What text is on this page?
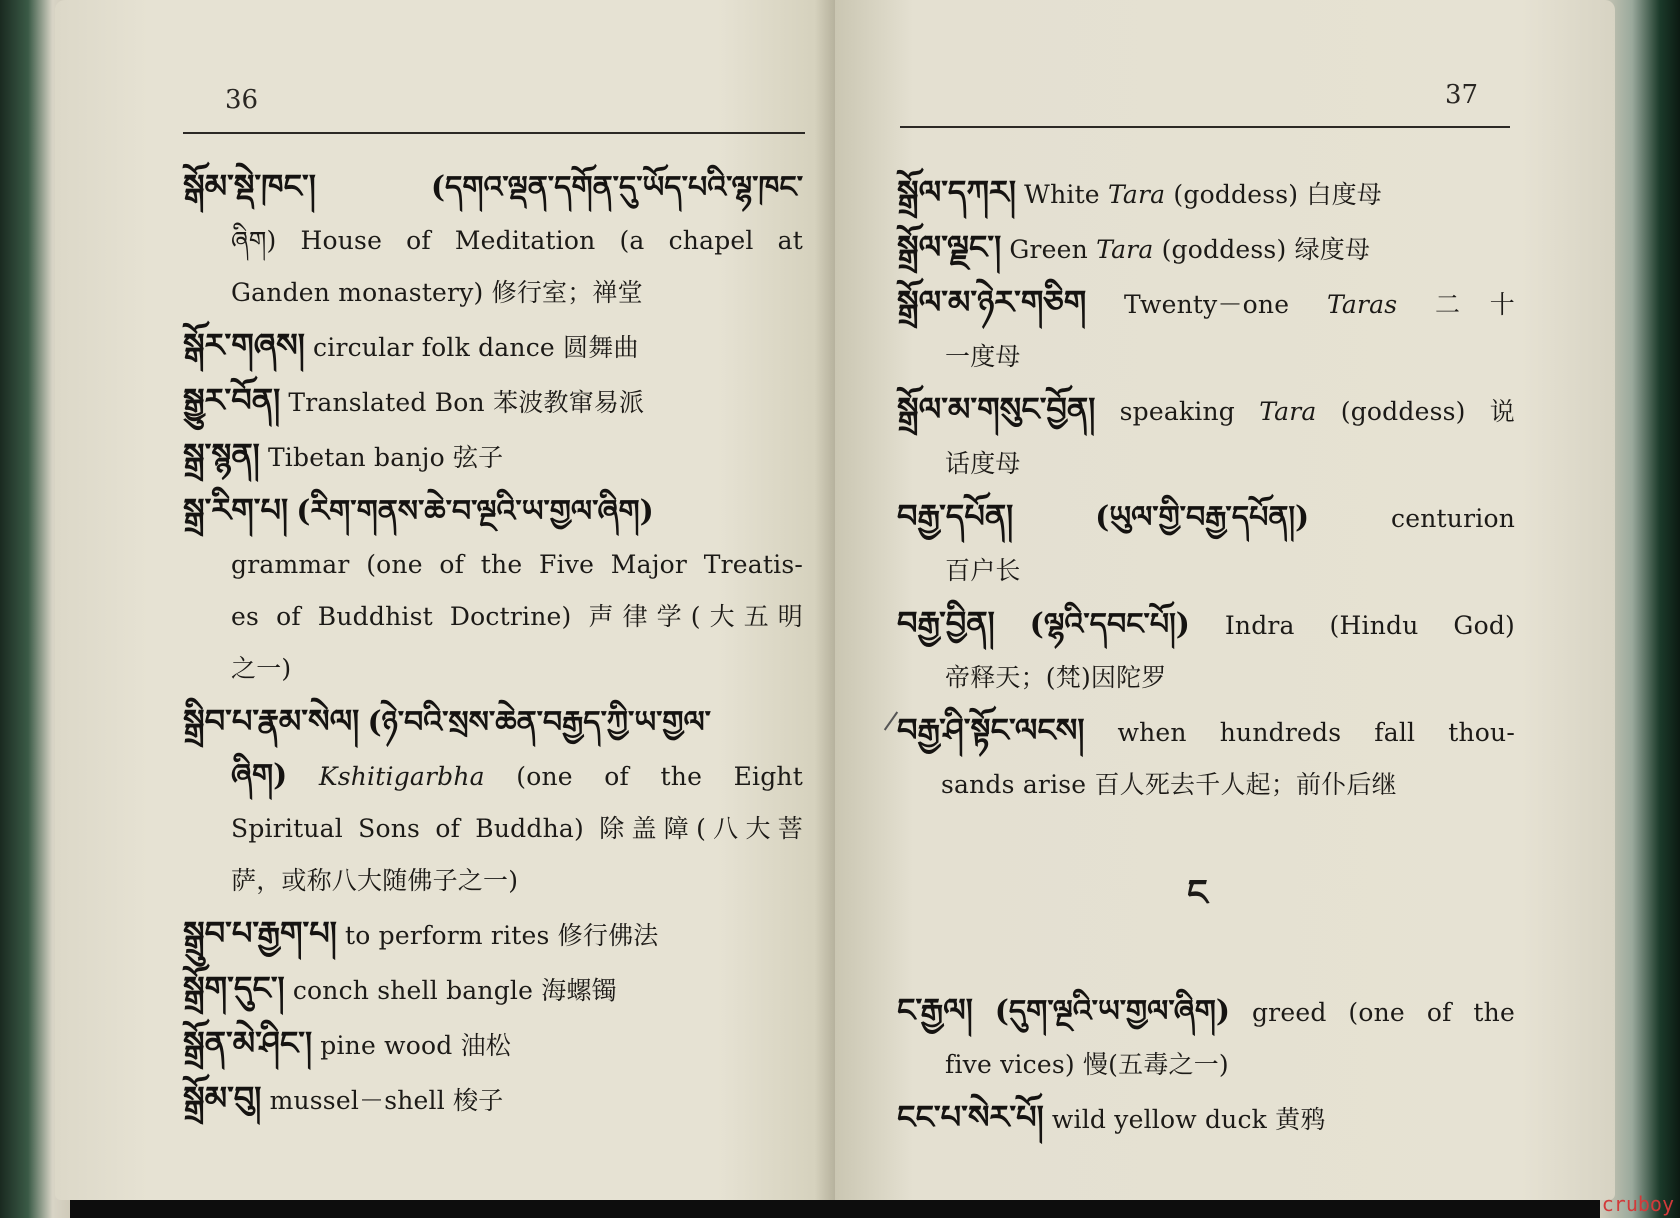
36
སྒོམ་སྡེ་ཁང་།	(དགའ་ལྡན་དགོན་དུ་ཡོད་པའི་ལྷ་ཁང་
ཞིག) House of Meditation (a chapel at
Ganden monastery) 修行室；禅堂
སྒོར་གཞས། circular folk dance 圆舞曲
སྒྱུར་བོན། Translated Bon 苯波教窜易派
སྒྲ་སྙན། Tibetan banjo 弦子
སྒྲ་རིག་པ། (རིག་གནས་ཆེ་བ་ལྔའི་ཡ་གྱལ་ཞིག)
grammar (one of the Five Major Treatis-
es of Buddhist Doctrine) 声律学(大五明
之一)
སྒྲིབ་པ་རྣམ་སེལ། (ཉེ་བའི་སྲས་ཆེན་བརྒྱད་ཀྱི་ཡ་གྱལ་
ཞིག) Kshitigarbha (one of the Eight
Spiritual Sons of Buddha) 除盖障(八大菩
萨，或称八大随佛子之一)
སྒྲུབ་པ་རྒྱག་པ། to perform rites 修行佛法
སྒྲོག་དུང་། conch shell bangle 海螺镯
སྒྲོན་མེ་ཤིང་། pine wood 油松
སྒྲོམ་བུ། mussel－shell 梭子
37
སྒྲོལ་དཀར། White Tara (goddess) 白度母
སྒྲོལ་ལྗང་། Green Tara (goddess) 绿度母
སྒྲོལ་མ་ཉེར་གཅིག Twenty－one Taras 二十
一度母
སྒྲོལ་མ་གསུང་བྱོན། speaking Tara (goddess) 说
话度母
བརྒྱ་དཔོན།	(ཡུལ་གྱི་བརྒྱ་དཔོན།)	centurion
百户长
བརྒྱ་བྱིན། (ལྷའི་དབང་པོ།) Indra (Hindu God)
帝释天；(梵)因陀罗
བརྒྱ་ཤི་སྟོང་ལངས། when hundreds fall thou-
sands arise 百人死去千人起；前仆后继
ང
ང་རྒྱལ། (དུག་ལྔའི་ཡ་གྱལ་ཞིག) greed (one of the
five vices) 慢(五毒之一)
ངང་པ་སེར་པོ། wild yellow duck 黄鸦
cruboy
